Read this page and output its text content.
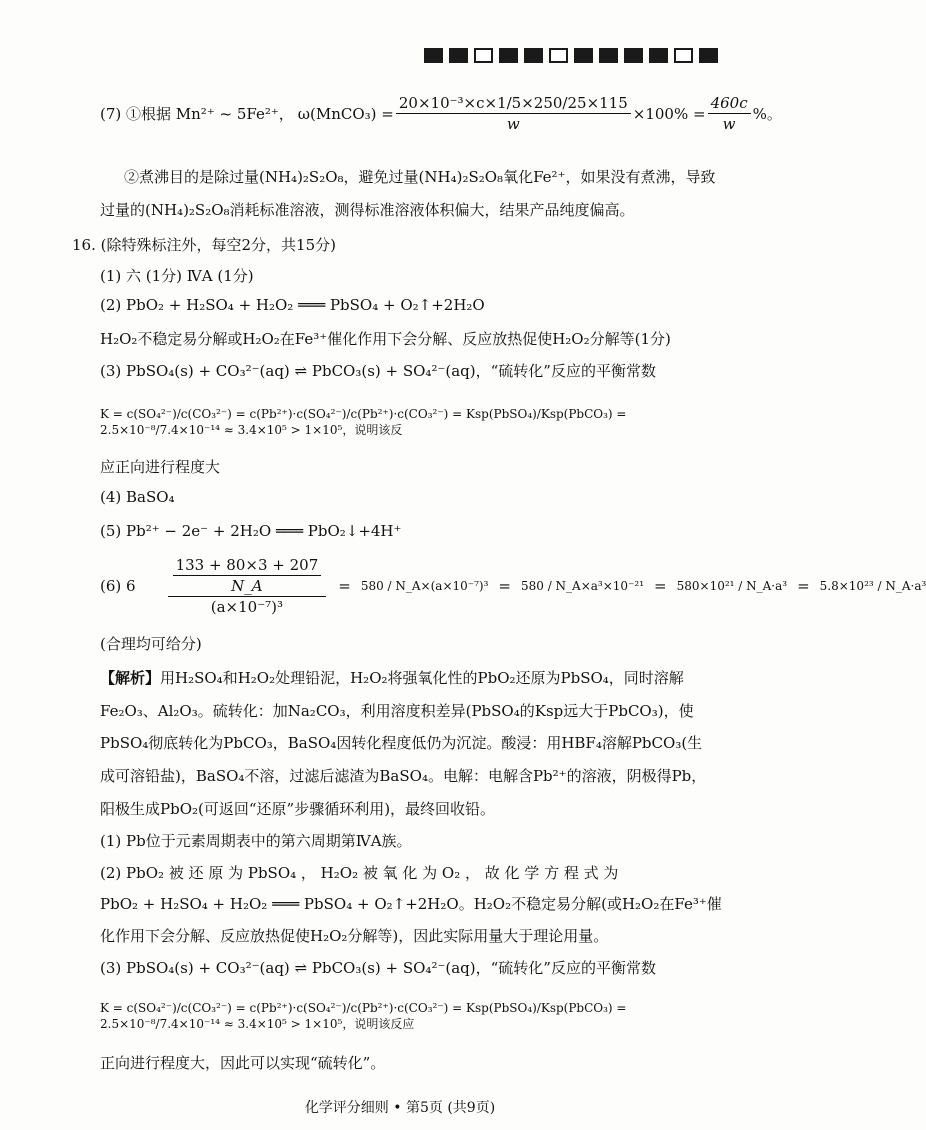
(7) ①根据 Mn²⁺ ~ 5Fe²⁺， ω(MnCO₃) = $\frac{\text{20×10⁻³×c×1/5×250/25×115}}{w} \times 100\% = \frac{460c}{w}$ %。
②煮沸目的是除过量(NH₄)₂S₂O₈，避免过量(NH₄)₂S₂O₈氧化Fe²⁺，如果没有煮沸，导致
过量的(NH₄)₂S₂O₈消耗标准溶液，测得标准溶液体积偏大，结果产品纯度偏高。
16. (除特殊标注外，每空2分，共15分)
(1) 六 (1分) ⅣA (1分)
(2) PbO₂ + H₂SO₄ + H₂O₂ ═══ PbSO₄ + O₂↑+2H₂O
H₂O₂不稳定易分解或H₂O₂在Fe³⁺催化作用下会分解、反应放热促使H₂O₂分解等(1分)
(3) PbSO₄(s) + CO₃²⁻(aq) ⇌ PbCO₃(s) + SO₄²⁻(aq)，“硫转化”反应的平衡常数
K = c(SO₄²⁻)/c(CO₃²⁻) = c(Pb²⁺)·c(SO₄²⁻)/c(Pb²⁺)·c(CO₃²⁻) = Ksp(PbSO₄)/Ksp(PbCO₃) = 2.5×10⁻⁸/7.4×10⁻¹⁴ ≈ 3.4×10⁵ > 1×10⁵，说明该反
应正向进行程度大
(4) BaSO₄
(5) Pb²⁺ − 2e⁻ + 2H₂O ═══ PbO₂↓+4H⁺
(6) $6 \frac{\frac{133 + 80\times 3 + 207}{N\_A}}{\text{(a×10⁻⁷)³}} = 580$ / N_A×(a×10⁻⁷)³ = 580 / N_A×a³×10⁻²¹ = 580×10²¹ / N_A·a³ = 5.8×10²³ / N_A·a³
(合理均可给分)
【解析】用H₂SO₄和H₂O₂处理铅泥，H₂O₂将强氧化性的PbO₂还原为PbSO₄，同时溶解
Fe₂O₃、Al₂O₃。硫转化：加Na₂CO₃，利用溶度积差异(PbSO₄的Ksp远大于PbCO₃)，使
PbSO₄彻底转化为PbCO₃，BaSO₄因转化程度低仍为沉淀。酸浸：用HBF₄溶解PbCO₃(生
成可溶铅盐)，BaSO₄不溶，过滤后滤渣为BaSO₄。电解：电解含Pb²⁺的溶液，阴极得Pb，
阳极生成PbO₂(可返回“还原”步骤循环利用)，最终回收铅。
(1) Pb位于元素周期表中的第六周期第ⅣA族。
(2) PbO₂ 被 还 原 为 PbSO₄ ， H₂O₂ 被 氧 化 为 O₂ ， 故 化 学 方 程 式 为
PbO₂ + H₂SO₄ + H₂O₂ ═══ PbSO₄ + O₂↑+2H₂O。H₂O₂不稳定易分解(或H₂O₂在Fe³⁺催
化作用下会分解、反应放热促使H₂O₂分解等)，因此实际用量大于理论用量。
(3) PbSO₄(s) + CO₃²⁻(aq) ⇌ PbCO₃(s) + SO₄²⁻(aq)，“硫转化”反应的平衡常数
K = c(SO₄²⁻)/c(CO₃²⁻) = c(Pb²⁺)·c(SO₄²⁻)/c(Pb²⁺)·c(CO₃²⁻) = Ksp(PbSO₄)/Ksp(PbCO₃) = 2.5×10⁻⁸/7.4×10⁻¹⁴ ≈ 3.4×10⁵ > 1×10⁵，说明该反应
正向进行程度大，因此可以实现“硫转化”。
化学评分细则 • 第5页 (共9页)
